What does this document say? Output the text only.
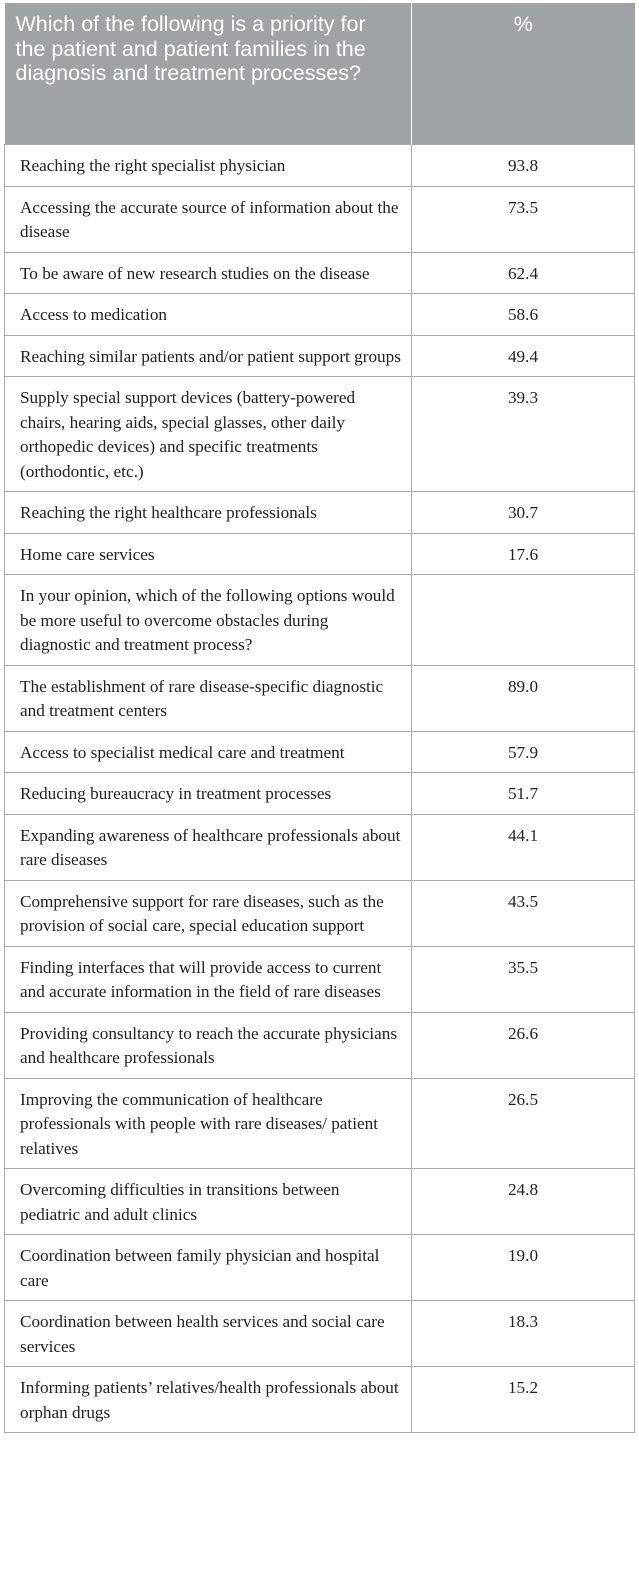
Which of the following is a priority for the patient and patient families in the diagnosis and treatment processes?	%
Reaching the right specialist physician	93.8
Accessing the accurate source of information about the disease	73.5
To be aware of new research studies on the disease	62.4
Access to medication	58.6
Reaching similar patients and/or patient support groups	49.4
Supply special support devices (battery-powered chairs, hearing aids, special glasses, other daily orthopedic devices) and specific treatments (orthodontic, etc.)	39.3
Reaching the right healthcare professionals	30.7
Home care services	17.6
In your opinion, which of the following options would be more useful to overcome obstacles during diagnostic and treatment process?	
The establishment of rare disease-specific diagnostic and treatment centers	89.0
Access to specialist medical care and treatment	57.9
Reducing bureaucracy in treatment processes	51.7
Expanding awareness of healthcare professionals about rare diseases	44.1
Comprehensive support for rare diseases, such as the provision of social care, special education support	43.5
Finding interfaces that will provide access to current and accurate information in the field of rare diseases	35.5
Providing consultancy to reach the accurate physicians and healthcare professionals	26.6
Improving the communication of healthcare professionals with people with rare diseases/ patient relatives	26.5
Overcoming difficulties in transitions between pediatric and adult clinics	24.8
Coordination between family physician and hospital care	19.0
Coordination between health services and social care services	18.3
Informing patients’ relatives/health professionals about orphan drugs	15.2
